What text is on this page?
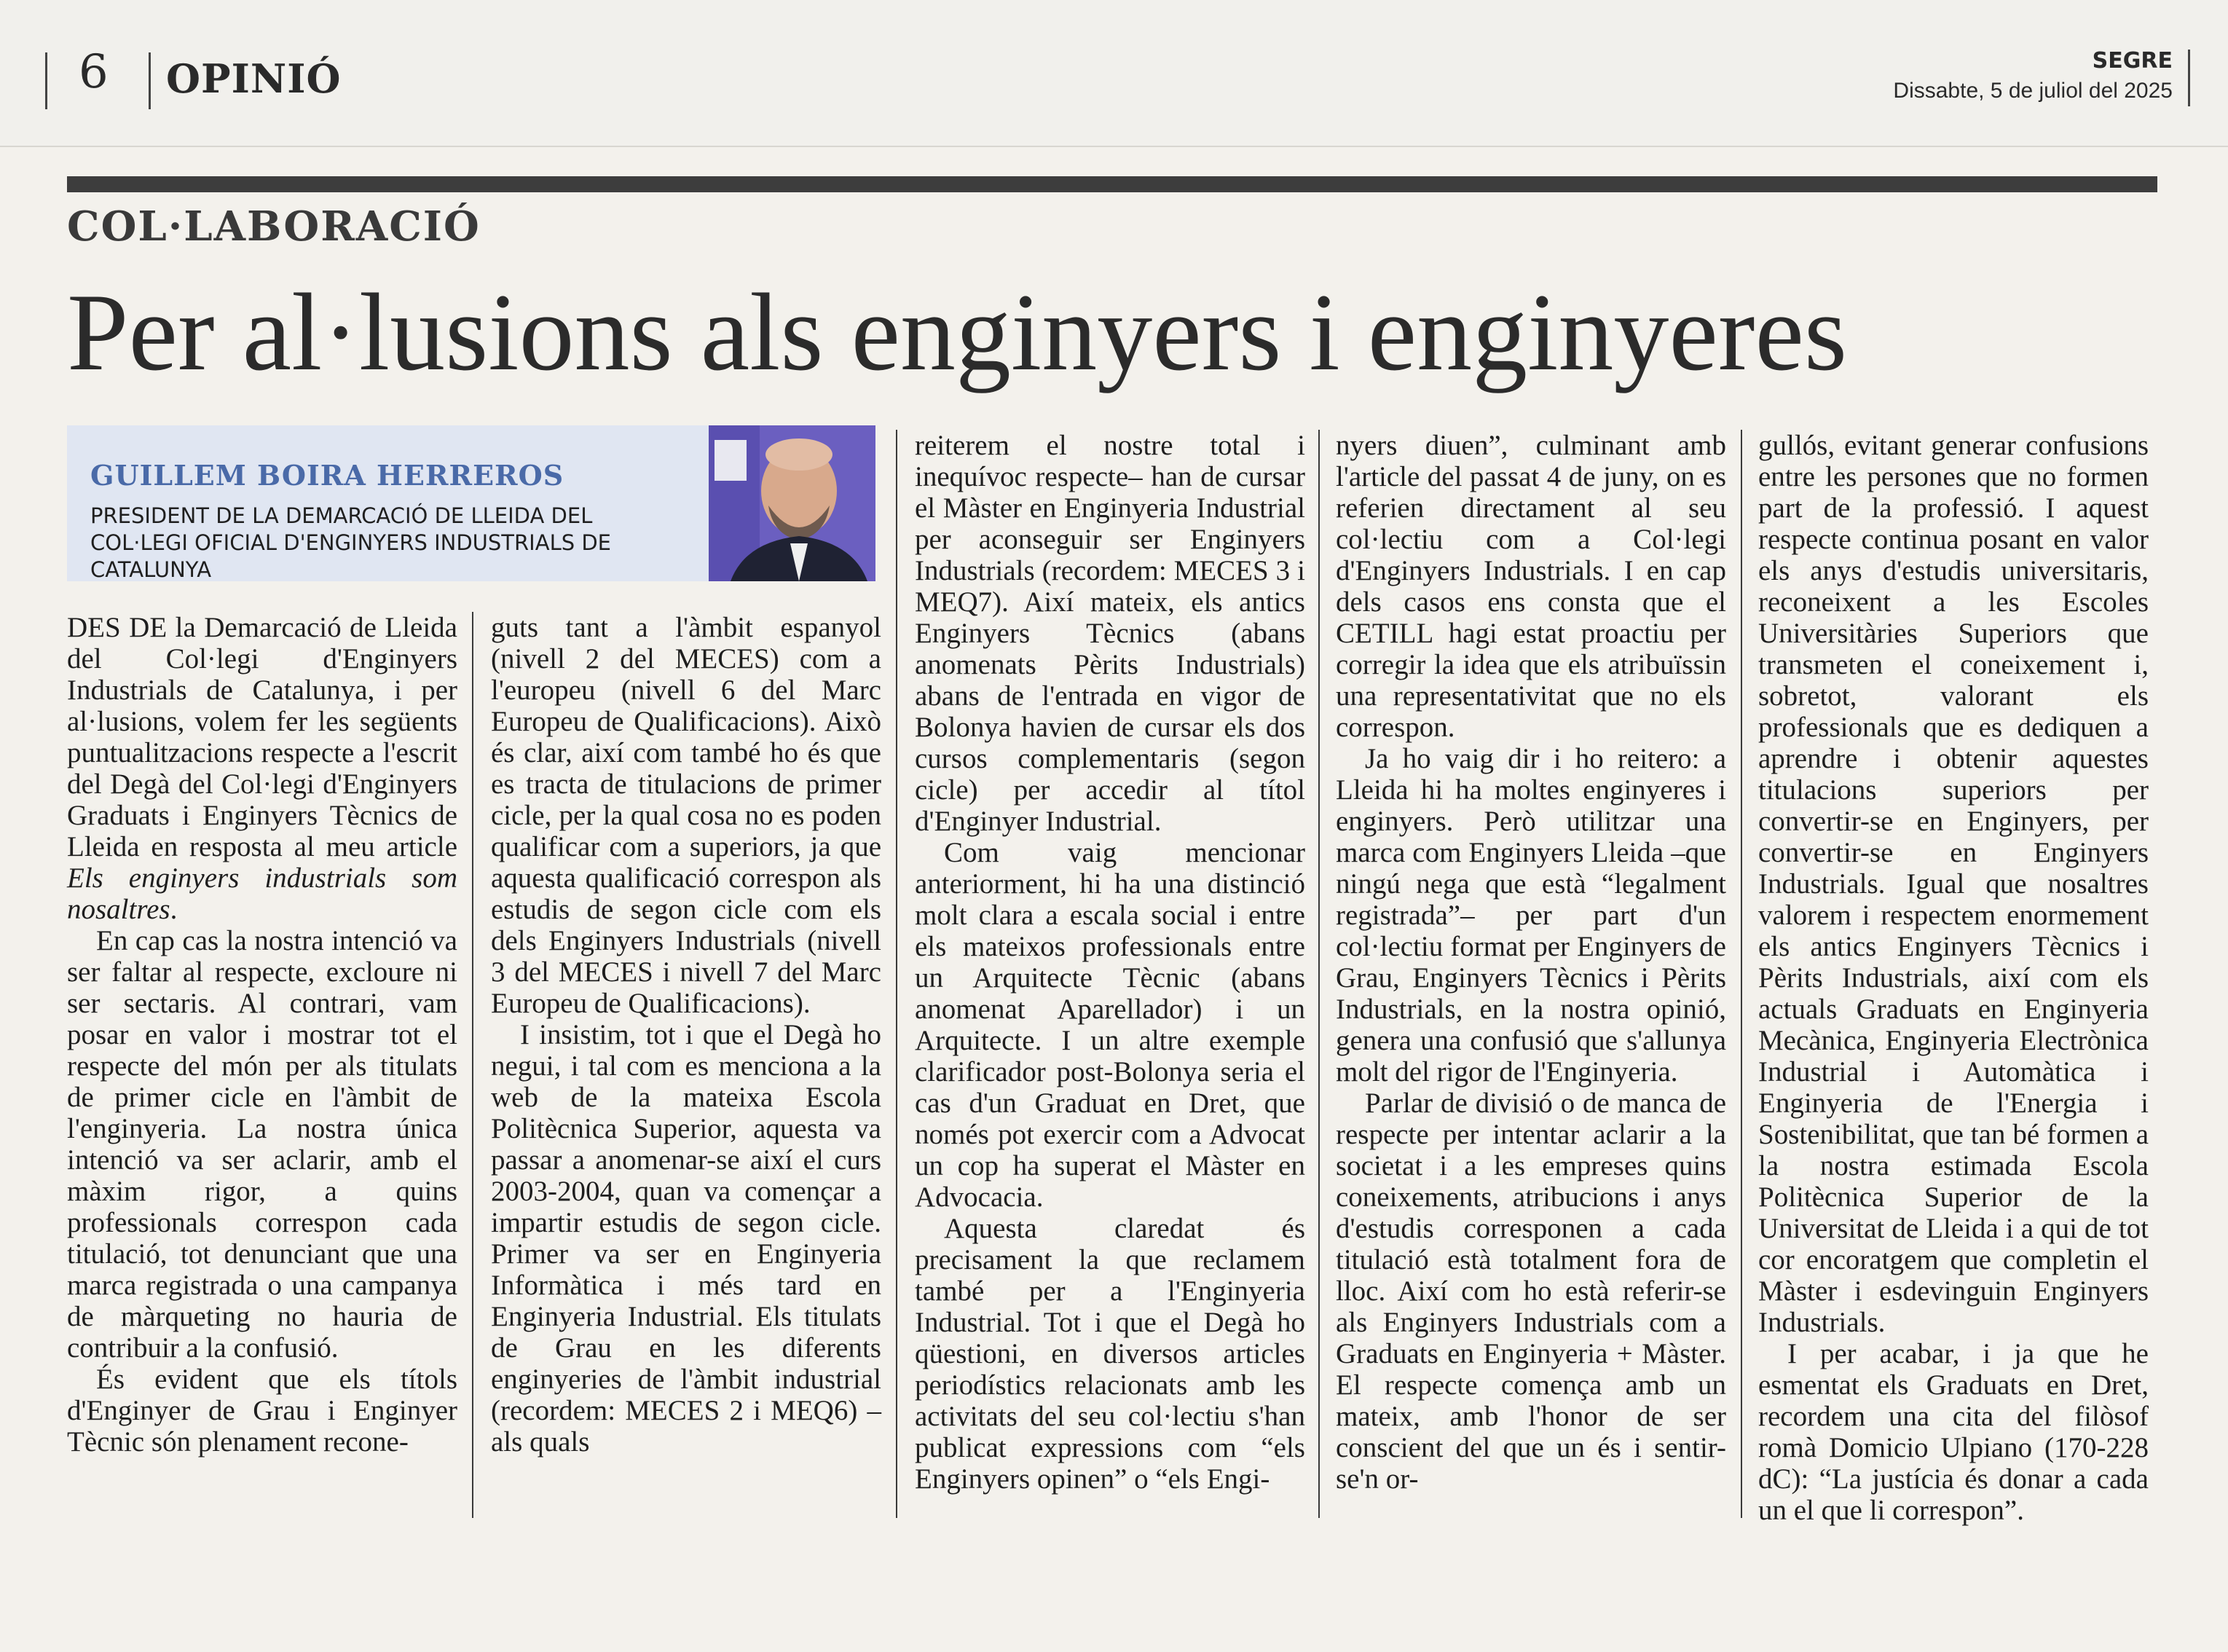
6 OPINIÓ	SEGRE
Dissabte, 5 de juliol del 2025
COL·LABORACIÓ
Per al·lusions als enginyers i enginyeres
GUILLEM BOIRA HERREROS
PRESIDENT DE LA DEMARCACIÓ DE LLEIDA DEL COL·LEGI OFICIAL D'ENGINYERS INDUSTRIALS DE CATALUNYA

DES DE la Demarcació de Lleida del Col·legi d'Enginyers Industrials de Catalunya, i per al·lusions, volem fer les següents puntualitzacions respecte a l'escrit del Degà del Col·legi d'Enginyers Graduats i Enginyers Tècnics de Lleida en resposta al meu article Els enginyers industrials som nosaltres.

En cap cas la nostra intenció va ser faltar al respecte, excloure ni ser sectaris. Al contrari, vam posar en valor i mostrar tot el respecte del món per als titulats de primer cicle en l'àmbit de l'enginyeria. La nostra única intenció va ser aclarir, amb el màxim rigor, a quins professionals correspon cada titulació, tot denunciant que una marca registrada o una campanya de màrqueting no hauria de contribuir a la confusió.

És evident que els títols d'Enginyer de Grau i Enginyer Tècnic són plenament recone-

guts tant a l'àmbit espanyol (nivell 2 del MECES) com a l'europeu (nivell 6 del Marc Europeu de Qualificacions). Això és clar, així com també ho és que es tracta de titulacions de primer cicle, per la qual cosa no es poden qualificar com a superiors, ja que aquesta qualificació correspon als estudis de segon cicle com els dels Enginyers Industrials (nivell 3 del MECES i nivell 7 del Marc Europeu de Qualificacions).

I insistim, tot i que el Degà ho negui, i tal com es menciona a la web de la mateixa Escola Politècnica Superior, aquesta va passar a anomenar-se així el curs 2003-2004, quan va començar a impartir estudis de segon cicle. Primer va ser en Enginyeria Informàtica i més tard en Enginyeria Industrial. Els titulats de Grau en les diferents enginyeries de l'àmbit industrial (recordem: MECES 2 i MEQ6) –als quals

reiterem el nostre total i inequívoc respecte– han de cursar el Màster en Enginyeria Industrial per aconseguir ser Enginyers Industrials (recordem: MECES 3 i MEQ7). Així mateix, els antics Enginyers Tècnics (abans anomenats Pèrits Industrials) abans de l'entrada en vigor de Bolonya havien de cursar els dos cursos complementaris (segon cicle) per accedir al títol d'Enginyer Industrial.

Com vaig mencionar anteriorment, hi ha una distinció molt clara a escala social i entre els mateixos professionals entre un Arquitecte Tècnic (abans anomenat Aparellador) i un Arquitecte. I un altre exemple clarificador post-Bolonya seria el cas d'un Graduat en Dret, que només pot exercir com a Advocat un cop ha superat el Màster en Advocacia.

Aquesta claredat és precisament la que reclamem també per a l'Enginyeria Industrial. Tot i que el Degà ho qüestioni, en diversos articles periodístics relacionats amb les activitats del seu col·lectiu s'han publicat expressions com “els Enginyers opinen” o “els Engi-

nyers diuen”, culminant amb l'article del passat 4 de juny, on es referien directament al seu col·lectiu com a Col·legi d'Enginyers Industrials. I en cap dels casos ens consta que el CETILL hagi estat proactiu per corregir la idea que els atribuïssin una representativitat que no els correspon.

Ja ho vaig dir i ho reitero: a Lleida hi ha moltes enginyeres i enginyers. Però utilitzar una marca com Enginyers Lleida –que ningú nega que està “legalment registrada”– per part d'un col·lectiu format per Enginyers de Grau, Enginyers Tècnics i Pèrits Industrials, en la nostra opinió, genera una confusió que s'allunya molt del rigor de l'Enginyeria.

Parlar de divisió o de manca de respecte per intentar aclarir a la societat i a les empreses quins coneixements, atribucions i anys d'estudis corresponen a cada titulació està totalment fora de lloc. Així com ho està referir-se als Enginyers Industrials com a Graduats en Enginyeria + Màster. El respecte comença amb un mateix, amb l'honor de ser conscient del que un és i sentir-se'n or-

gullós, evitant generar confusions entre les persones que no formen part de la professió. I aquest respecte continua posant en valor els anys d'estudis universitaris, reconeixent a les Escoles Universitàries Superiors que transmeten el coneixement i, sobretot, valorant els professionals que es dediquen a aprendre i obtenir aquestes titulacions superiors per convertir-se en Enginyers, per convertir-se en Enginyers Industrials. Igual que nosaltres valorem i respectem enormement els antics Enginyers Tècnics i Pèrits Industrials, així com els actuals Graduats en Enginyeria Mecànica, Enginyeria Electrònica Industrial i Automàtica i Enginyeria de l'Energia i Sostenibilitat, que tan bé formen a la nostra estimada Escola Politècnica Superior de la Universitat de Lleida i a qui de tot cor encoratgem que completin el Màster i esdevinguin Enginyers Industrials.

I per acabar, i ja que he esmentat els Graduats en Dret, recordem una cita del filòsof romà Domicio Ulpiano (170-228 dC): “La justícia és donar a cada un el que li correspon”.
